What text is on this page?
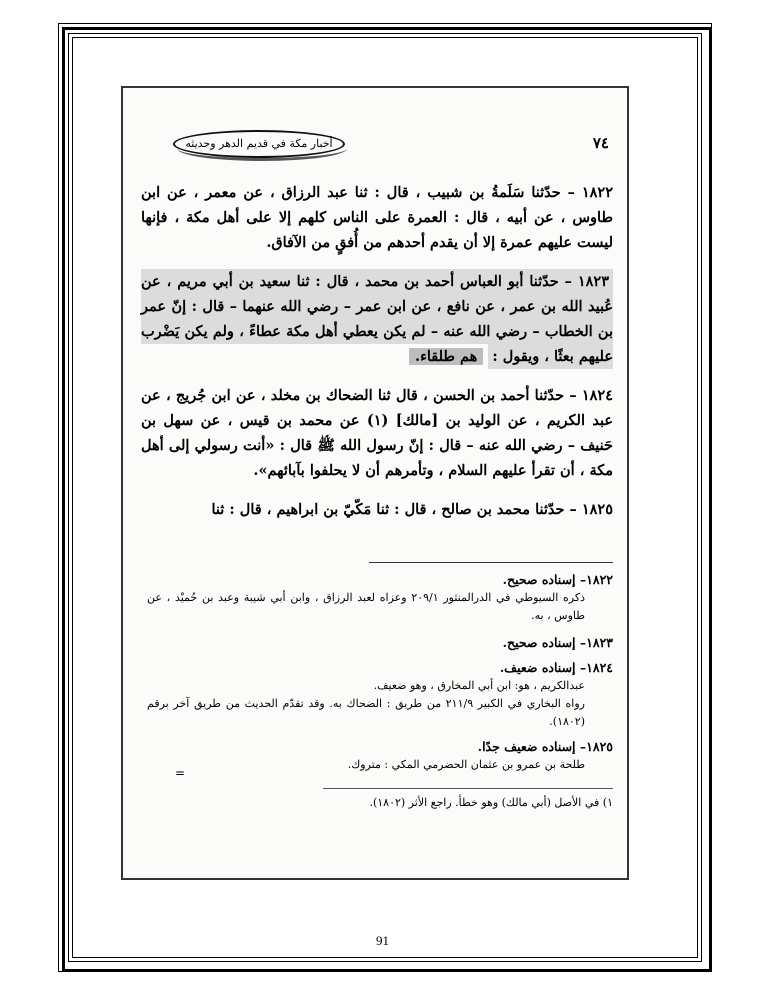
أخبار مكة في قديم الدهر وحديثه	٧٤

١٨٢٢ – حدّثنا سَلَمةُ بن شبيب ، قال : ثنا عبد الرزاق ، عن معمر ، عن ابن طاوس ، عن أبيه ، قال : العمرة على الناس كلهم إلا على أهل مكة ، فإنها ليست عليهم عمرة إلا أن يقدم أحدهم من أُفقٍ من الآفاق.

١٨٢٣ – حدّثنا أبو العباس أحمد بن محمد ، قال : ثنا سعيد بن أبي مريم ، عن عُبيد الله بن عمر ، عن نافع ، عن ابن عمر – رضي الله عنهما – قال : إنّ عمر بن الخطاب – رضي الله عنه – لم يكن يعطي أهل مكة عطاءً ، ولم يكن يَضْرب عليهم بعثًا ، ويقول : هم طلقاء.

١٨٢٤ – حدّثنا أحمد بن الحسن ، قال ثنا الضحاك بن مخلد ، عن ابن جُريج ، عن عبد الكريم ، عن الوليد بن [مالك] (١) عن محمد بن قيس ، عن سهل بن حَنيف – رضي الله عنه – قال : إنّ رسول الله ﷺ قال : «أنت رسولي إلى أهل مكة ، أن تقرأ عليهم السلام ، وتأمرهم أن لا يحلفوا بآبائهم».

١٨٢٥ – حدّثنا محمد بن صالح ، قال : ثنا مَكّيّ بن ابراهيم ، قال : ثنا

١٨٢٢– إسناده صحيح.
ذكره السيوطي في الدرالمنثور ٢٠٩/١ وعزاه لعبد الرزاق ، وابن أبي شيبة وعبد بن حُميْد ، عن طاوس ، به.
١٨٢٣– إسناده صحيح.
١٨٢٤– إسناده ضعيف.
عبدالكريم ، هو: ابن أبي المخارق ، وهو ضعيف.
رواه البخاري في الكبير ٢١١/٩ من طريق : الضحاك به. وقد تقدّم الحديث من طريق آخر برقم (١٨٠٢).
١٨٢٥– إسناده ضعيف جدًا.
طلحة بن عمرو بن عثمان الحضرمي المكي : متروك.
=
١) في الأصل (أبي مالك) وهو خطأ. راجع الأثر (١٨٠٢).
91
